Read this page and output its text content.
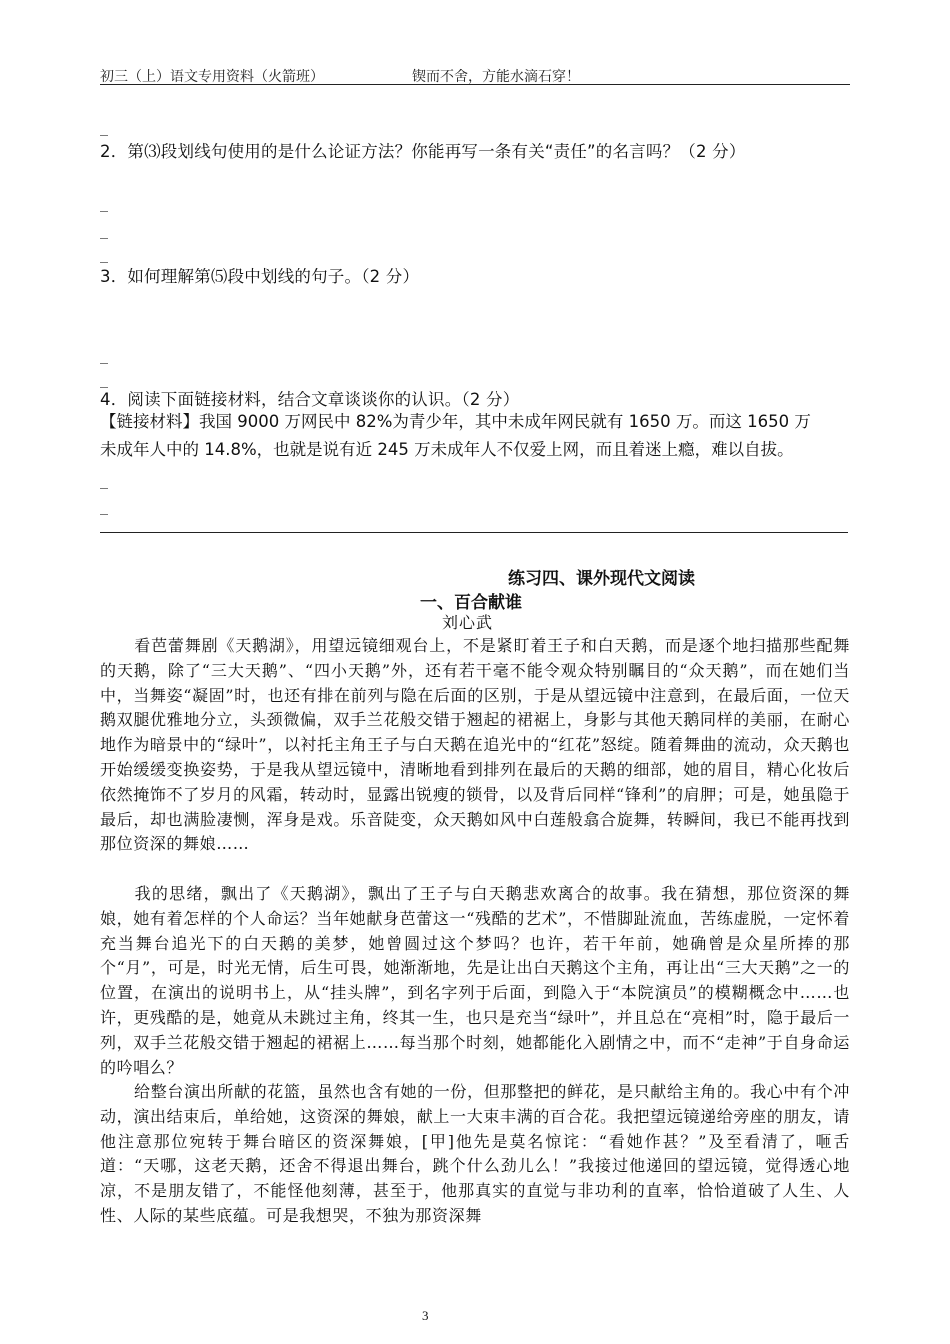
初三（上）语文专用资料（火箭班）	锲而不舍，方能水滴石穿！
_
2．第⑶段划线句使用的是什么论证方法？你能再写一条有关“责任”的名言吗？（2 分）
_
_
_
3．如何理解第⑸段中划线的句子。（2 分）
_
_
4．阅读下面链接材料，结合文章谈谈你的认识。（2 分）
【链接材料】我国 9000 万网民中 82%为青少年，其中未成年网民就有 1650 万。而这 1650 万
未成年人中的 14.8%，也就是说有近 245 万未成年人不仅爱上网，而且着迷上瘾，难以自拔。
_
_
练习四、课外现代文阅读
一、百合献谁
刘心武
看芭蕾舞剧《天鹅湖》，用望远镜细观台上，不是紧盯着王子和白天鹅，而是逐个地扫描那些配舞的天鹅，除了“三大天鹅”、“四小天鹅”外，还有若干毫不能令观众特别瞩目的“众天鹅”，而在她们当中，当舞姿“凝固”时，也还有排在前列与隐在后面的区别，于是从望远镜中注意到，在最后面，一位天鹅双腿优雅地分立，头颈微偏，双手兰花般交错于翘起的裙裾上，身影与其他天鹅同样的美丽，在耐心地作为暗景中的“绿叶”，以衬托主角王子与白天鹅在追光中的“红花”怒绽。随着舞曲的流动，众天鹅也开始缓缓变换姿势，于是我从望远镜中，清晰地看到排列在最后的天鹅的细部，她的眉目，精心化妆后依然掩饰不了岁月的风霜，转动时，显露出锐瘦的锁骨，以及背后同样“锋利”的肩胛；可是，她虽隐于最后，却也满脸凄恻，浑身是戏。乐音陡变，众天鹅如风中白莲般翕合旋舞，转瞬间，我已不能再找到那位资深的舞娘……
我的思绪，飘出了《天鹅湖》，飘出了王子与白天鹅悲欢离合的故事。我在猜想，那位资深的舞娘，她有着怎样的个人命运？当年她献身芭蕾这一“残酷的艺术”，不惜脚趾流血，苦练虚脱，一定怀着充当舞台追光下的白天鹅的美梦，她曾圆过这个梦吗？也许，若干年前，她确曾是众星所捧的那个“月”，可是，时光无情，后生可畏，她渐渐地，先是让出白天鹅这个主角，再让出“三大天鹅”之一的位置，在演出的说明书上，从“挂头牌”，到名字列于后面，到隐入于“本院演员”的模糊概念中……也许，更残酷的是，她竟从未跳过主角，终其一生，也只是充当“绿叶”，并且总在“亮相”时，隐于最后一列，双手兰花般交错于翘起的裙裾上……每当那个时刻，她都能化入剧情之中，而不“走神”于自身命运的吟唱么？
给整台演出所献的花篮，虽然也含有她的一份，但那整把的鲜花，是只献给主角的。我心中有个冲动，演出结束后，单给她，这资深的舞娘，献上一大束丰满的百合花。我把望远镜递给旁座的朋友，请他注意那位宛转于舞台暗区的资深舞娘，[甲]他先是莫名惊诧：“看她作甚？”及至看清了，咂舌道：“天哪，这老天鹅，还舍不得退出舞台，跳个什么劲儿么！”我接过他递回的望远镜，觉得透心地凉，不是朋友错了，不能怪他刻薄，甚至于，他那真实的直觉与非功利的直率，恰恰道破了人生、人性、人际的某些底蕴。可是我想哭，不独为那资深舞
3
